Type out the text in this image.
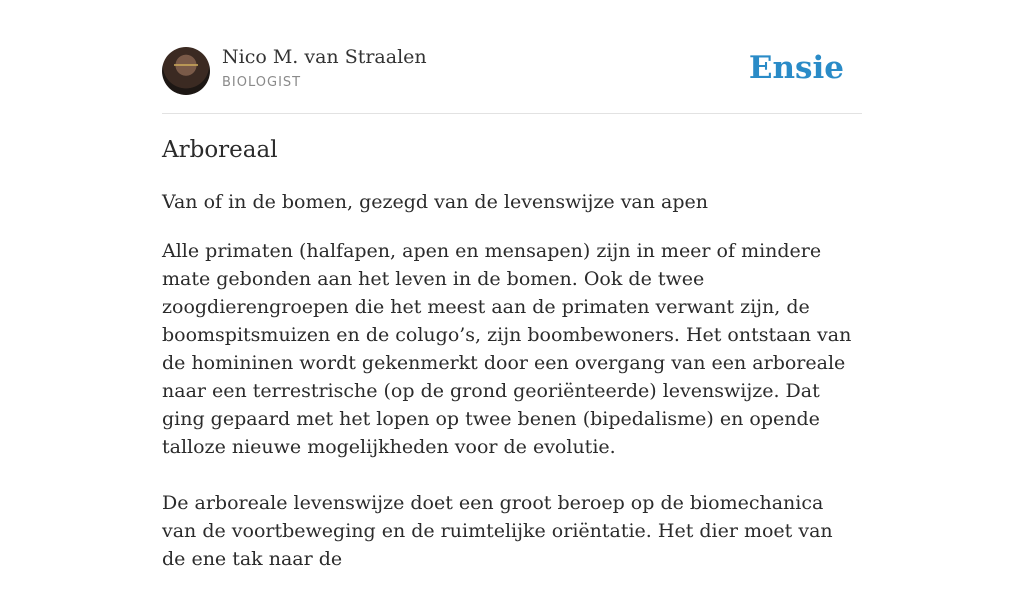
Nico M. van Straalen
BIOLOGIST	Ensie
Arboreaal
Van of in de bomen, gezegd van de levenswijze van apen

Alle primaten (halfapen, apen en mensapen) zijn in meer of mindere mate gebonden aan het leven in de bomen. Ook de twee zoogdierengroepen die het meest aan de primaten verwant zijn, de boomspitsmuizen en de colugo’s, zijn boombewoners. Het ontstaan van de homininen wordt gekenmerkt door een overgang van een arboreale naar een terrestrische (op de grond georiënteerde) levenswijze. Dat ging gepaard met het lopen op twee benen (bipedalisme) en opende talloze nieuwe mogelijkheden voor de evolutie.

De arboreale levenswijze doet een groot beroep op de biomechanica van de voortbeweging en de ruimtelijke oriëntatie. Het dier moet van de ene tak naar de
